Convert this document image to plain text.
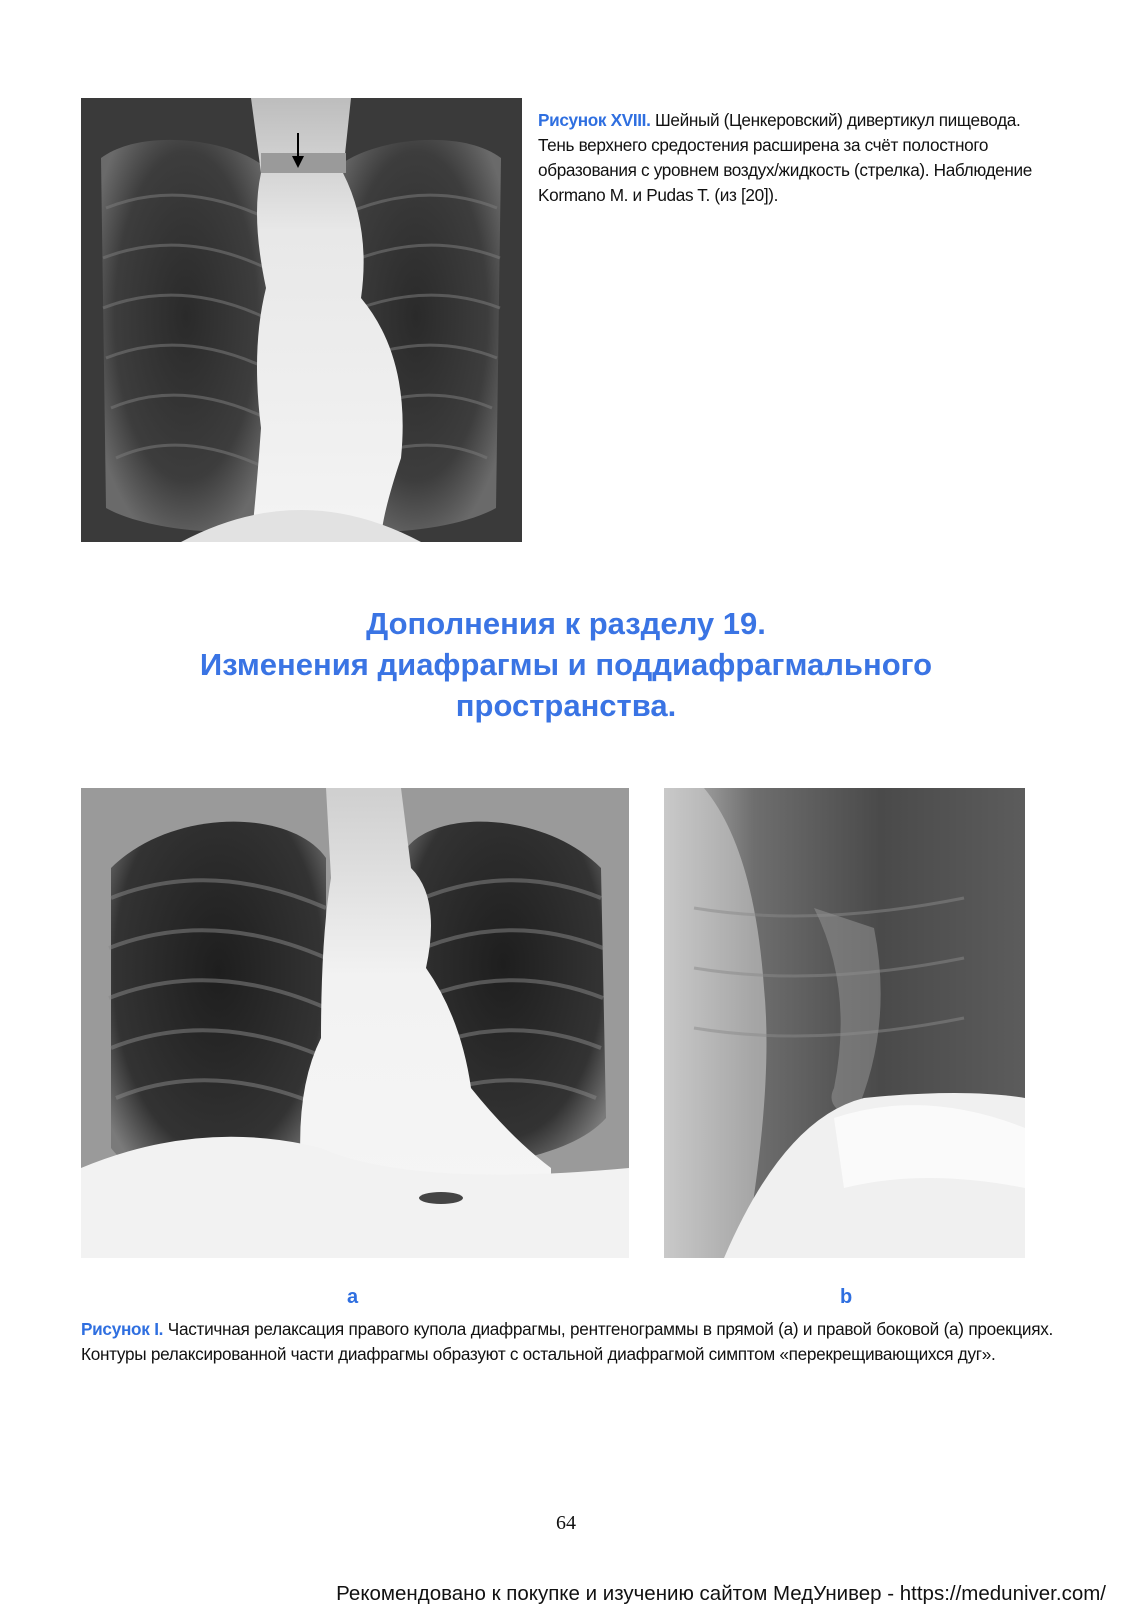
Рисунок XVIII. Шейный (Ценкеровский) дивертикул пищевода. Тень верхнего средостения расширена за счёт полостного образования с уровнем воздух/жидкость (стрелка). Наблюдение Kormano M. и Pudas T. (из [20]).
Дополнения к разделу 19.
Изменения диафрагмы и поддиафрагмального
пространства.
a	b
Рисунок I. Частичная релаксация правого купола диафрагмы, рентгенограммы в прямой (а) и правой боковой (а) проекциях. Контуры релаксированной части диафрагмы образуют с остальной диафрагмой симптом «перекрещивающихся дуг».
64
Рекомендовано к покупке и изучению сайтом МедУнивер - https://meduniver.com/
